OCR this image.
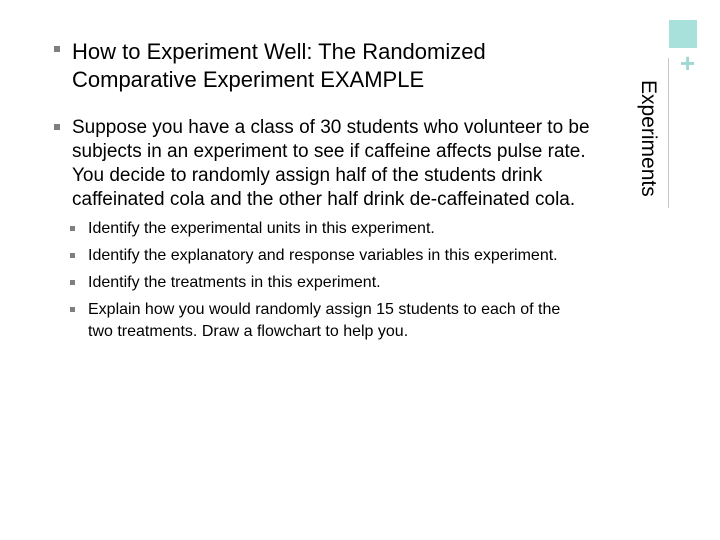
+
Experiments
How to Experiment Well: The Randomized
Comparative Experiment EXAMPLE
Suppose you have a class of 30 students who volunteer to be
subjects in an experiment to see if caffeine affects pulse rate.
You decide to randomly assign half of the students drink
caffeinated cola and the other half drink de-caffeinated cola.
Identify the experimental units in this experiment.
Identify the explanatory and response variables in this experiment.
Identify the treatments in this experiment.
Explain how you would randomly assign 15 students to each of the
two treatments. Draw a flowchart to help you.
